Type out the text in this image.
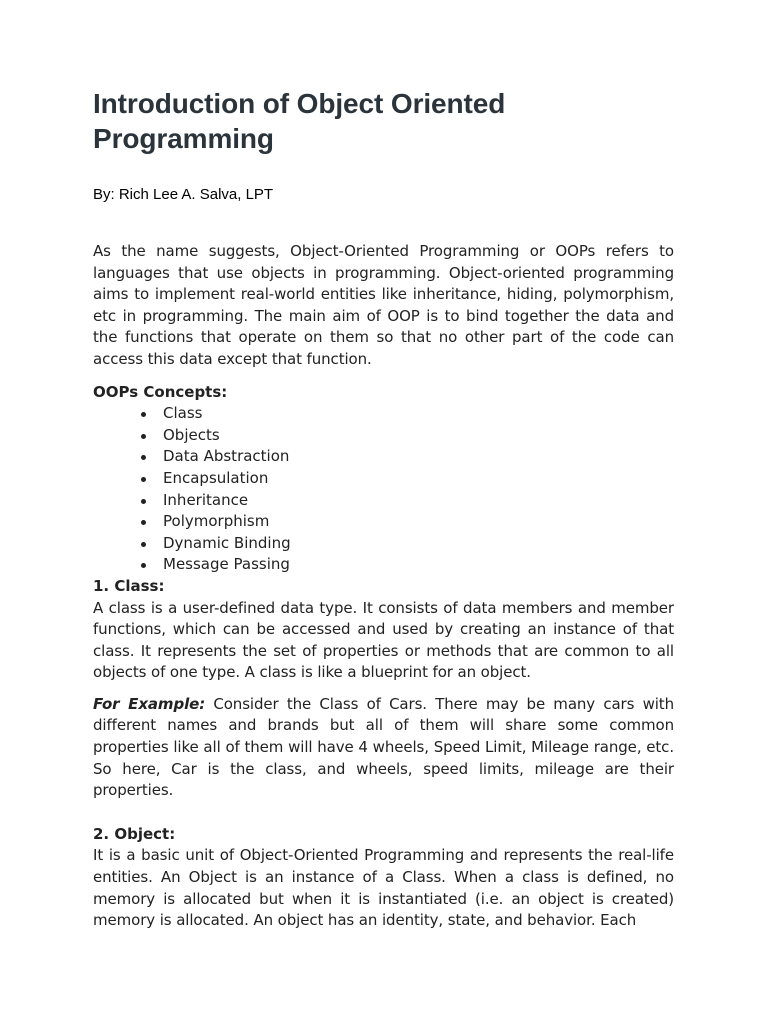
Introduction of Object Oriented Programming

By: Rich Lee A. Salva, LPT

As the name suggests, Object-Oriented Programming or OOPs refers to languages that use objects in programming. Object-oriented programming aims to implement real-world entities like inheritance, hiding, polymorphism, etc in programming. The main aim of OOP is to bind together the data and the functions that operate on them so that no other part of the code can access this data except that function.

OOPs Concepts:

Class
Objects
Data Abstraction
Encapsulation
Inheritance
Polymorphism
Dynamic Binding
Message Passing

1. Class:

A class is a user-defined data type. It consists of data members and member functions, which can be accessed and used by creating an instance of that class. It represents the set of properties or methods that are common to all objects of one type. A class is like a blueprint for an object.

For Example: Consider the Class of Cars. There may be many cars with different names and brands but all of them will share some common properties like all of them will have 4 wheels, Speed Limit, Mileage range, etc. So here, Car is the class, and wheels, speed limits, mileage are their properties.

2. Object:

It is a basic unit of Object-Oriented Programming and represents the real-life entities. An Object is an instance of a Class. When a class is defined, no memory is allocated but when it is instantiated (i.e. an object is created) memory is allocated. An object has an identity, state, and behavior. Each
